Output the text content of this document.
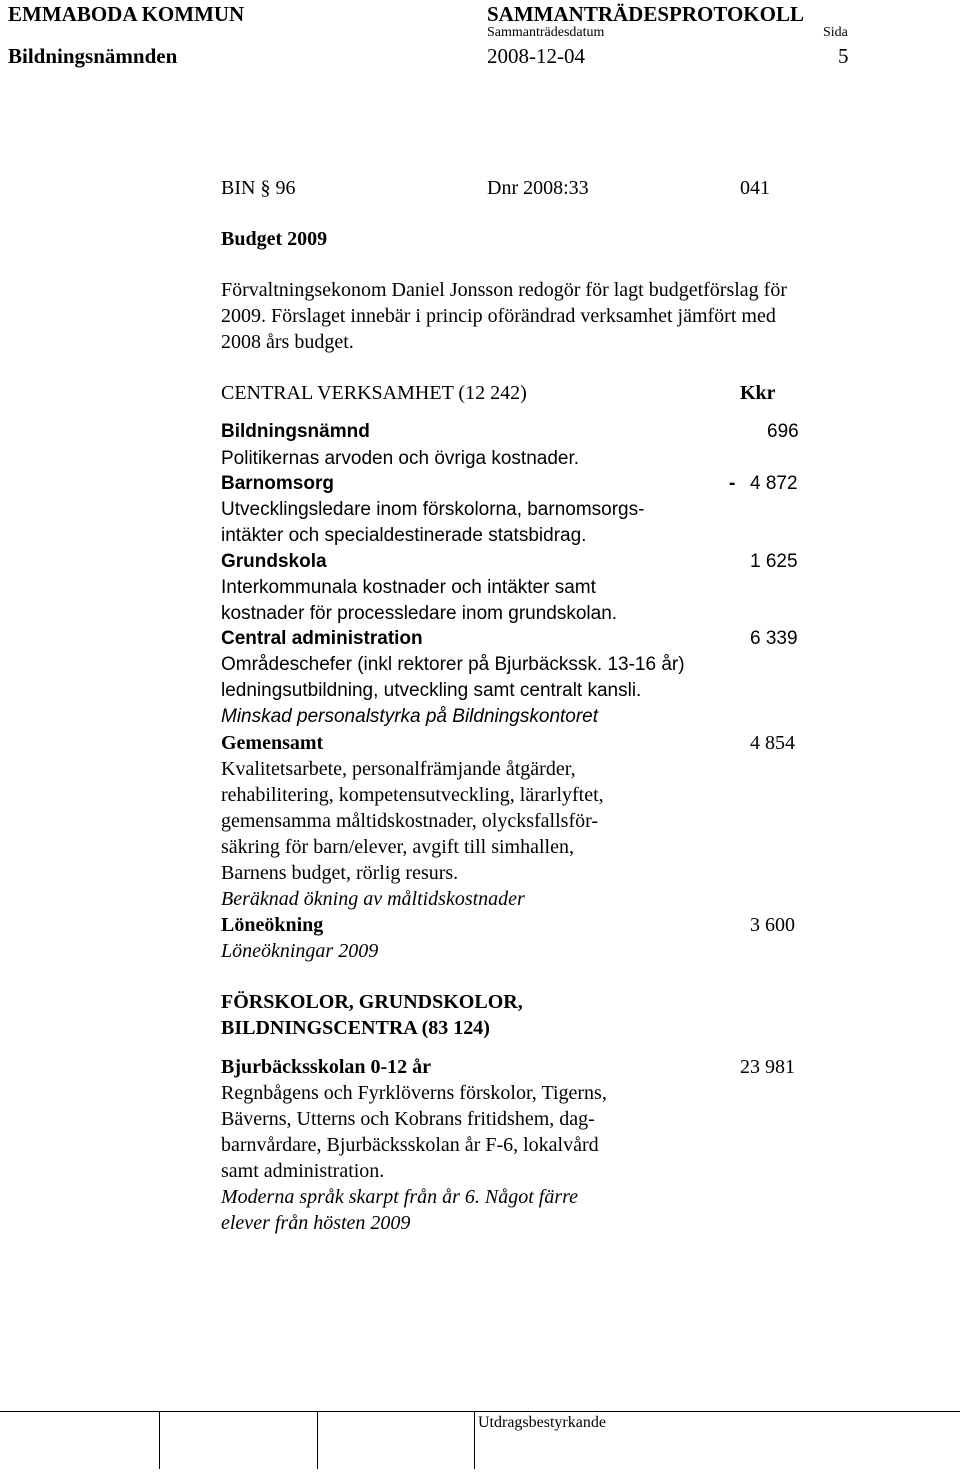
EMMABODA KOMMUN	SAMMANTRÄDESPROTOKOLL
Sammanträdesdatum	Sida
Bildningsnämnden	2008-12-04	5
BIN § 96	Dnr 2008:33	041
Budget 2009
Förvaltningsekonom Daniel Jonsson redogör för lagt budgetförslag för
2009. Förslaget innebär i princip oförändrad verksamhet jämfört med
2008 års budget.
CENTRAL VERKSAMHET (12 242)	Kkr
Bildningsnämnd	696
Politikernas arvoden och övriga kostnader.
Barnomsorg	- 4 872
Utvecklingsledare inom förskolorna, barnomsorgs-
intäkter och specialdestinerade statsbidrag.
Grundskola	1 625
Interkommunala kostnader och intäkter samt
kostnader för processledare inom grundskolan.
Central administration	6 339
Områdeschefer (inkl rektorer på Bjurbäckssk. 13-16 år)
ledningsutbildning, utveckling samt centralt kansli.
Minskad personalstyrka på Bildningskontoret
Gemensamt	4 854
Kvalitetsarbete, personalfrämjande åtgärder,
rehabilitering, kompetensutveckling, lärarlyftet,
gemensamma måltidskostnader, olycksfallsför-
säkring för barn/elever, avgift till simhallen,
Barnens budget, rörlig resurs.
Beräknad ökning av måltidskostnader
Löneökning	3 600
Löneökningar 2009
FÖRSKOLOR, GRUNDSKOLOR,
BILDNINGSCENTRA (83 124)
Bjurbäcksskolan 0-12 år	23 981
Regnbågens och Fyrklöverns förskolor, Tigerns,
Bäverns, Utterns och Kobrans fritidshem, dag-
barnvårdare, Bjurbäcksskolan år F-6, lokalvård
samt administration.
Moderna språk skarpt från år 6. Något färre
elever från hösten 2009
Utdragsbestyrkande
